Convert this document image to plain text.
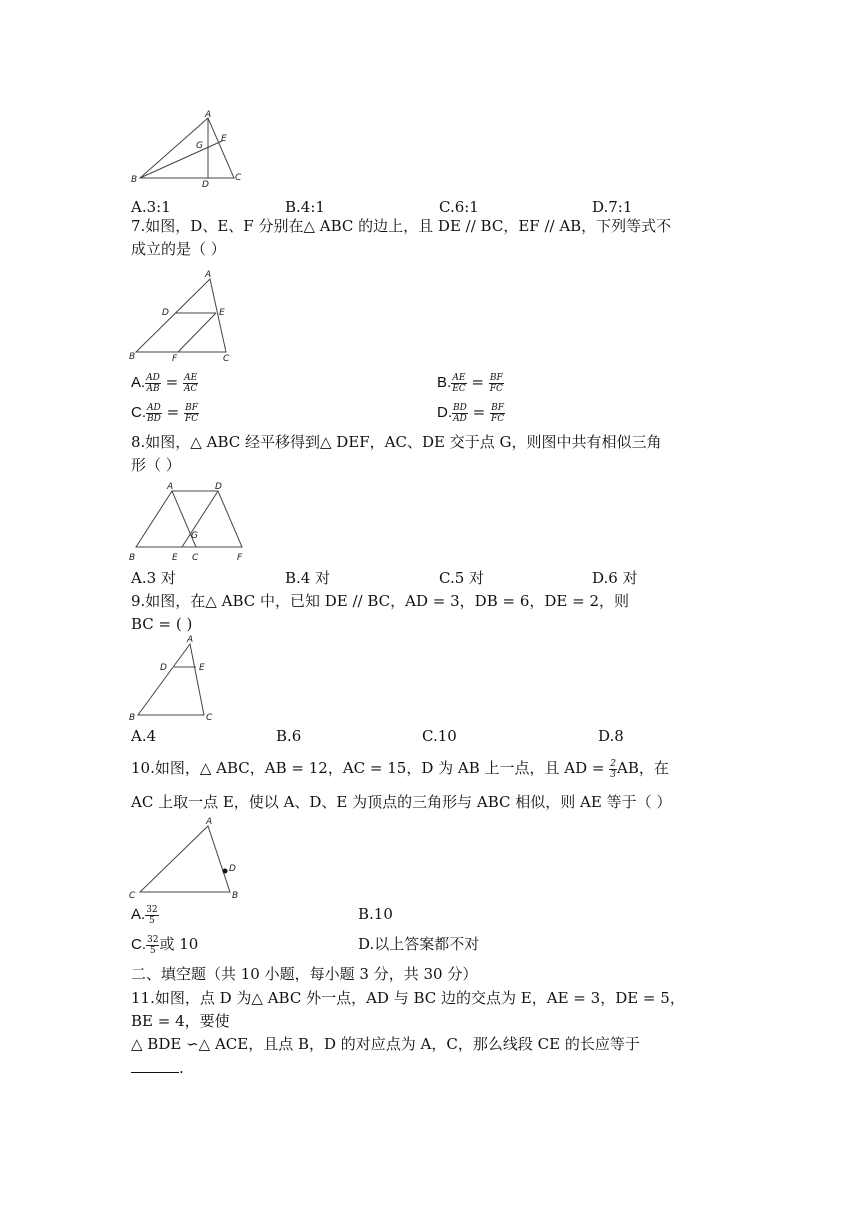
A
B	C
D
E
G
A.3:1	B.4:1	C.6:1	D.7:1
7.如图，D、E、F 分别在△ ABC 的边上，且 DE // BC，EF // AB，下列等式不
成立的是（ ）
A
B	C
D	E
F
A. $\frac{AD}{AB} = \frac{AE}{AC}$	B. $\frac{AE}{EC} = \frac{BF}{FC}$
C. $\frac{AD}{BD} = \frac{BF}{FC}$	D. $\frac{BD}{AD} = \frac{BF}{FC}$
8.如图，△ ABC 经平移得到△ DEF，AC、DE 交于点 G，则图中共有相似三角
形（ ）
A	D
B	E C	F
G
A.3 对	B.4 对	C.5 对	D.6 对
9.如图，在△ ABC 中，已知 DE // BC，AD = 3，DB = 6，DE = 2，则
BC = ( )
A
D	E
B	C
A.4	B.6	C.10	D.8
10.如图，△ ABC，AB = 12，AC = 15，D 为 AB 上一点，且 AD = $\frac{2}{3}$ AB，在
AC 上取一点 E，使以 A、D、E 为顶点的三角形与 ABC 相似，则 AE 等于（ ）
A
D
C	B
A. $\frac{32}{5}$	B.10
C. $\frac{32}{5}$ 或 10	D.以上答案都不对
二、填空题（共 10 小题，每小题 3 分，共 30 分）
11.如图，点 D 为△ ABC 外一点，AD 与 BC 边的交点为 E，AE = 3，DE = 5，
BE = 4，要使
△ BDE ∽△ ACE，且点 B，D 的对应点为 A，C，那么线段 CE 的长应等于
.
